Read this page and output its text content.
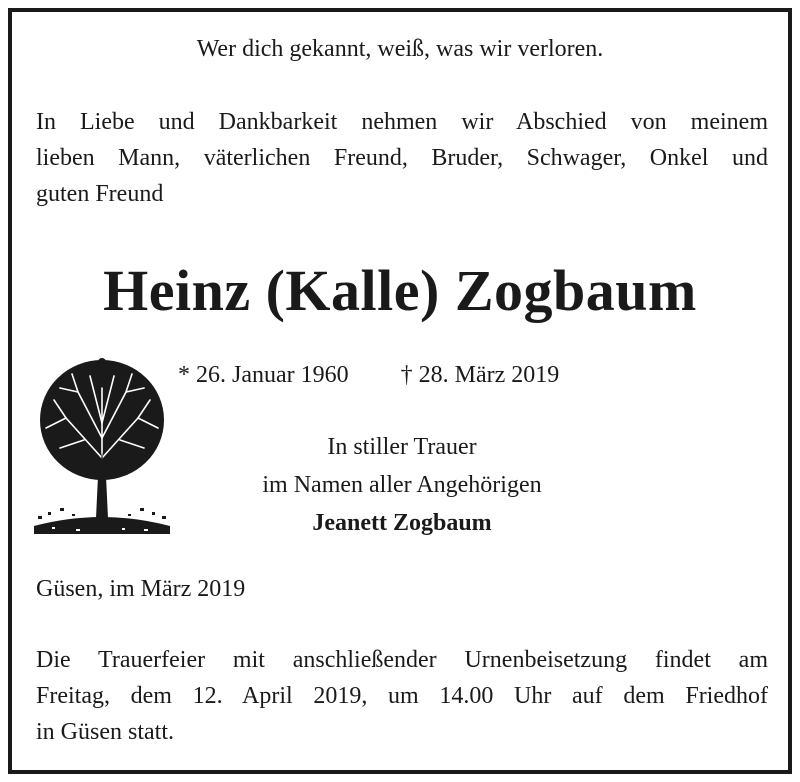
Wer dich gekannt, weiß, was wir verloren.
In Liebe und Dankbarkeit nehmen wir Abschied von meinem
lieben Mann, väterlichen Freund, Bruder, Schwager, Onkel und
guten Freund
Heinz (Kalle) Zogbaum
* 26. Januar 1960 † 28. März 2019
In stiller Trauer
im Namen aller Angehörigen
Jeanett Zogbaum
Güsen, im März 2019
Die Trauerfeier mit anschließender Urnenbeisetzung findet am
Freitag, dem 12. April 2019, um 14.00 Uhr auf dem Friedhof
in Güsen statt.
